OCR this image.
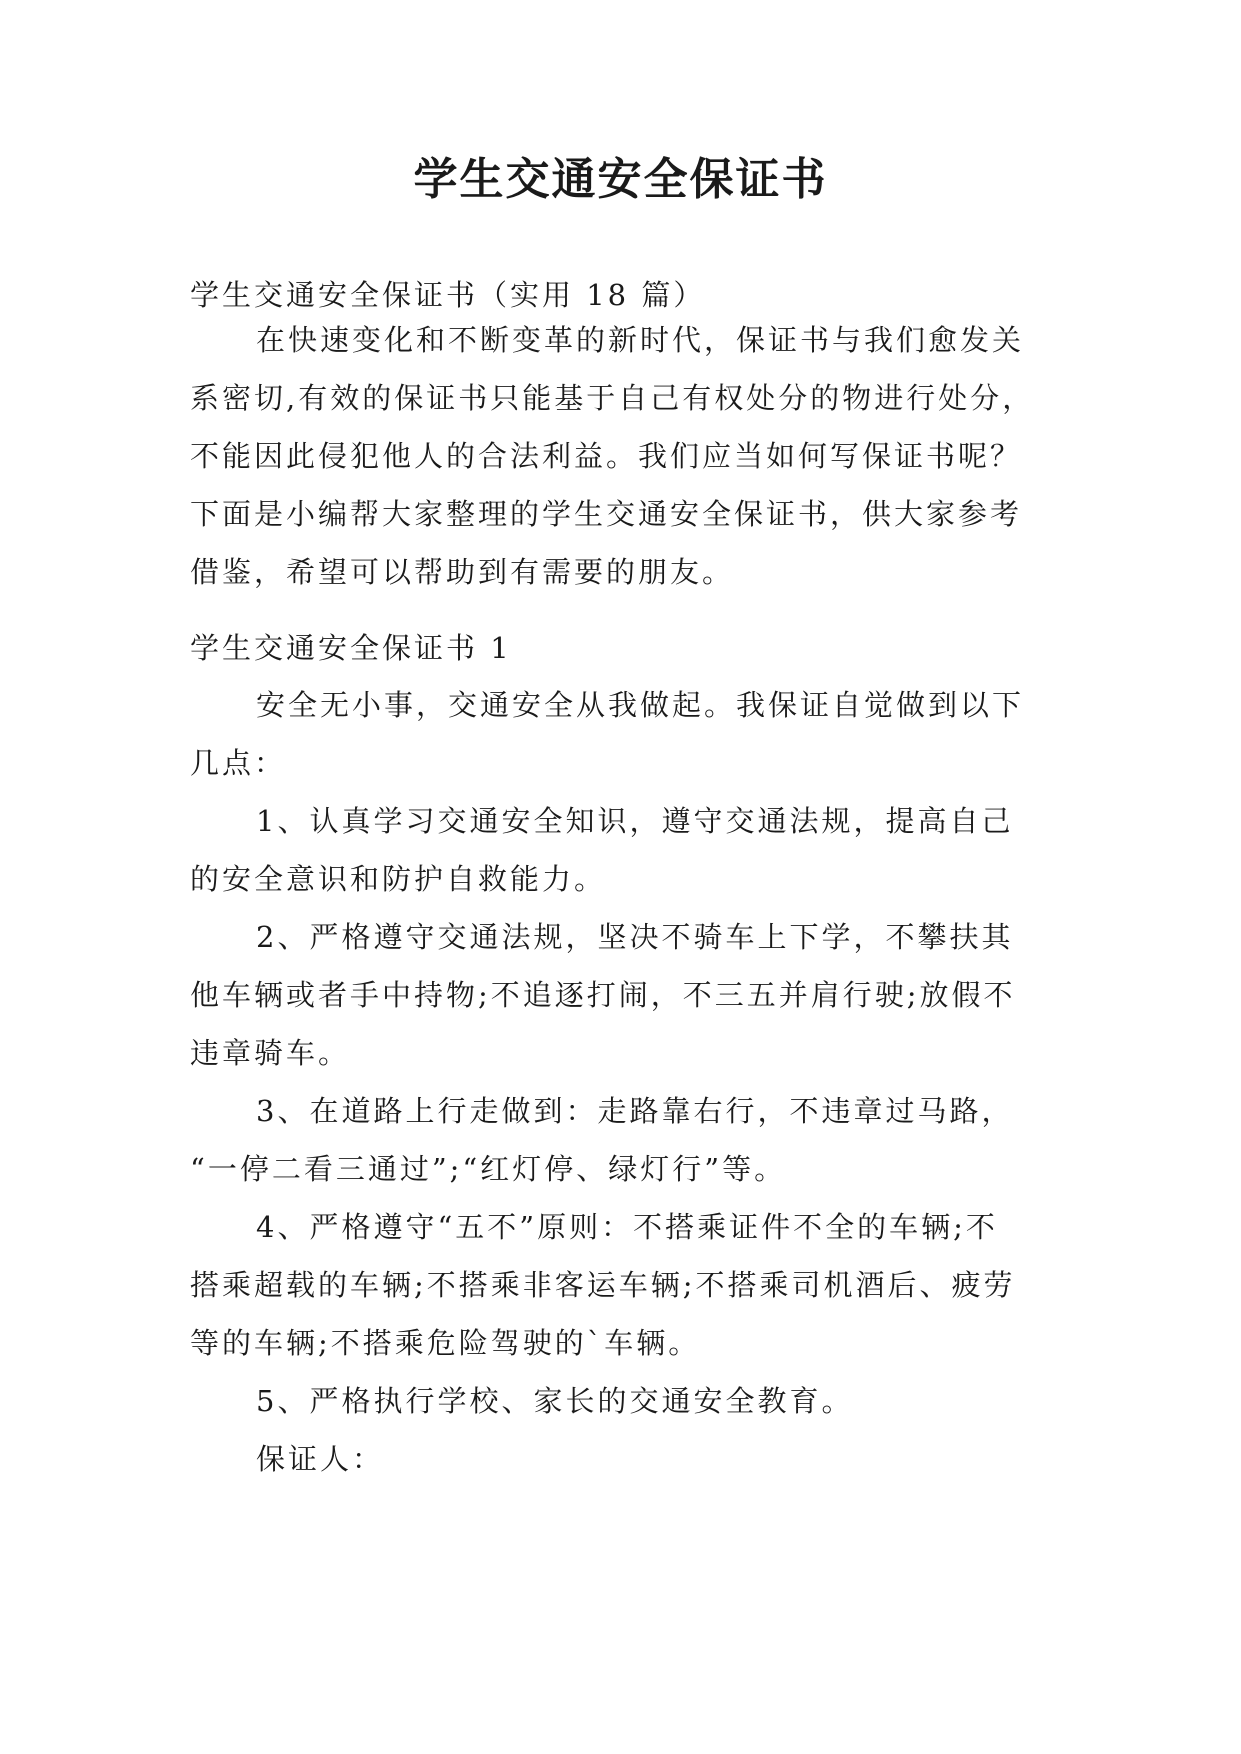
学生交通安全保证书
学生交通安全保证书（实用 18 篇）
在快速变化和不断变革的新时代，保证书与我们愈发关
系密切,有效的保证书只能基于自己有权处分的物进行处分，
不能因此侵犯他人的合法利益。我们应当如何写保证书呢？
下面是小编帮大家整理的学生交通安全保证书，供大家参考
借鉴，希望可以帮助到有需要的朋友。
学生交通安全保证书 1
安全无小事，交通安全从我做起。我保证自觉做到以下
几点：
1、认真学习交通安全知识，遵守交通法规，提高自己
的安全意识和防护自救能力。
2、严格遵守交通法规，坚决不骑车上下学，不攀扶其
他车辆或者手中持物;不追逐打闹，不三五并肩行驶;放假不
违章骑车。
3、在道路上行走做到：走路靠右行，不违章过马路，
“一停二看三通过”;“红灯停、绿灯行”等。
4、严格遵守“五不”原则：不搭乘证件不全的车辆;不
搭乘超载的车辆;不搭乘非客运车辆;不搭乘司机酒后、疲劳
等的车辆;不搭乘危险驾驶的`车辆。
5、严格执行学校、家长的交通安全教育。
保证人：
